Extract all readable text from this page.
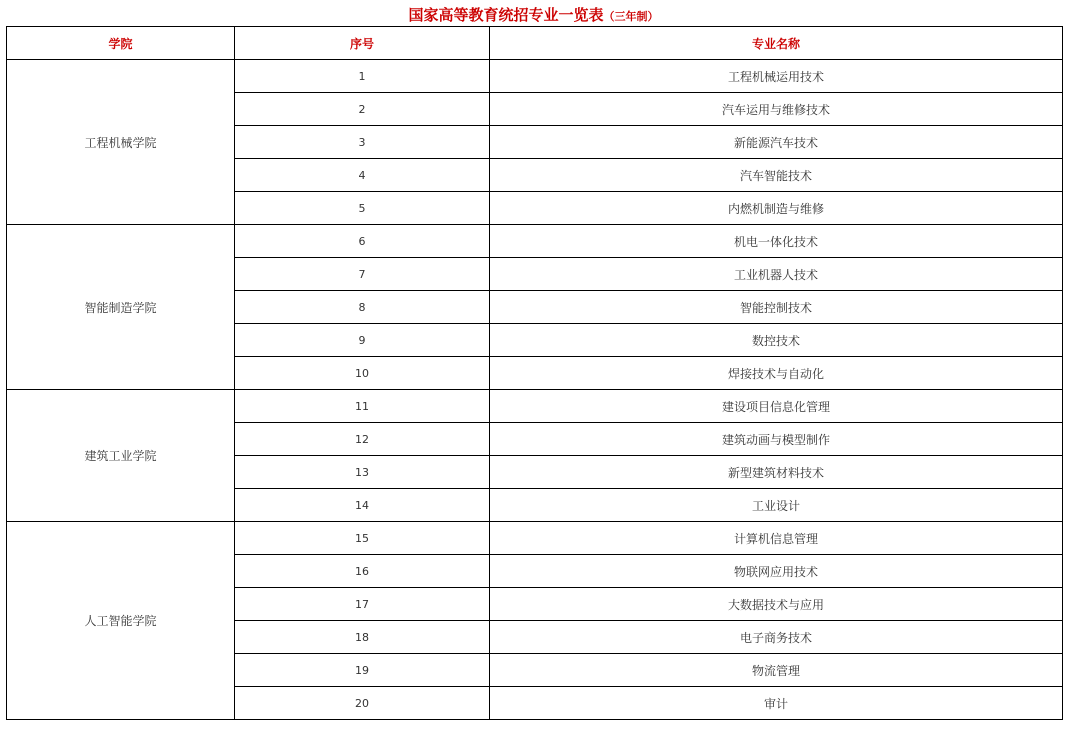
国家高等教育统招专业一览表（三年制）
学院	序号	专业名称
工程机械学院	1	工程机械运用技术
	2	汽车运用与维修技术
	3	新能源汽车技术
	4	汽车智能技术
	5	内燃机制造与维修
智能制造学院	6	机电一体化技术
	7	工业机器人技术
	8	智能控制技术
	9	数控技术
	10	焊接技术与自动化
建筑工业学院	11	建设项目信息化管理
	12	建筑动画与模型制作
	13	新型建筑材料技术
	14	工业设计
人工智能学院	15	计算机信息管理
	16	物联网应用技术
	17	大数据技术与应用
	18	电子商务技术
	19	物流管理
	20	审计
